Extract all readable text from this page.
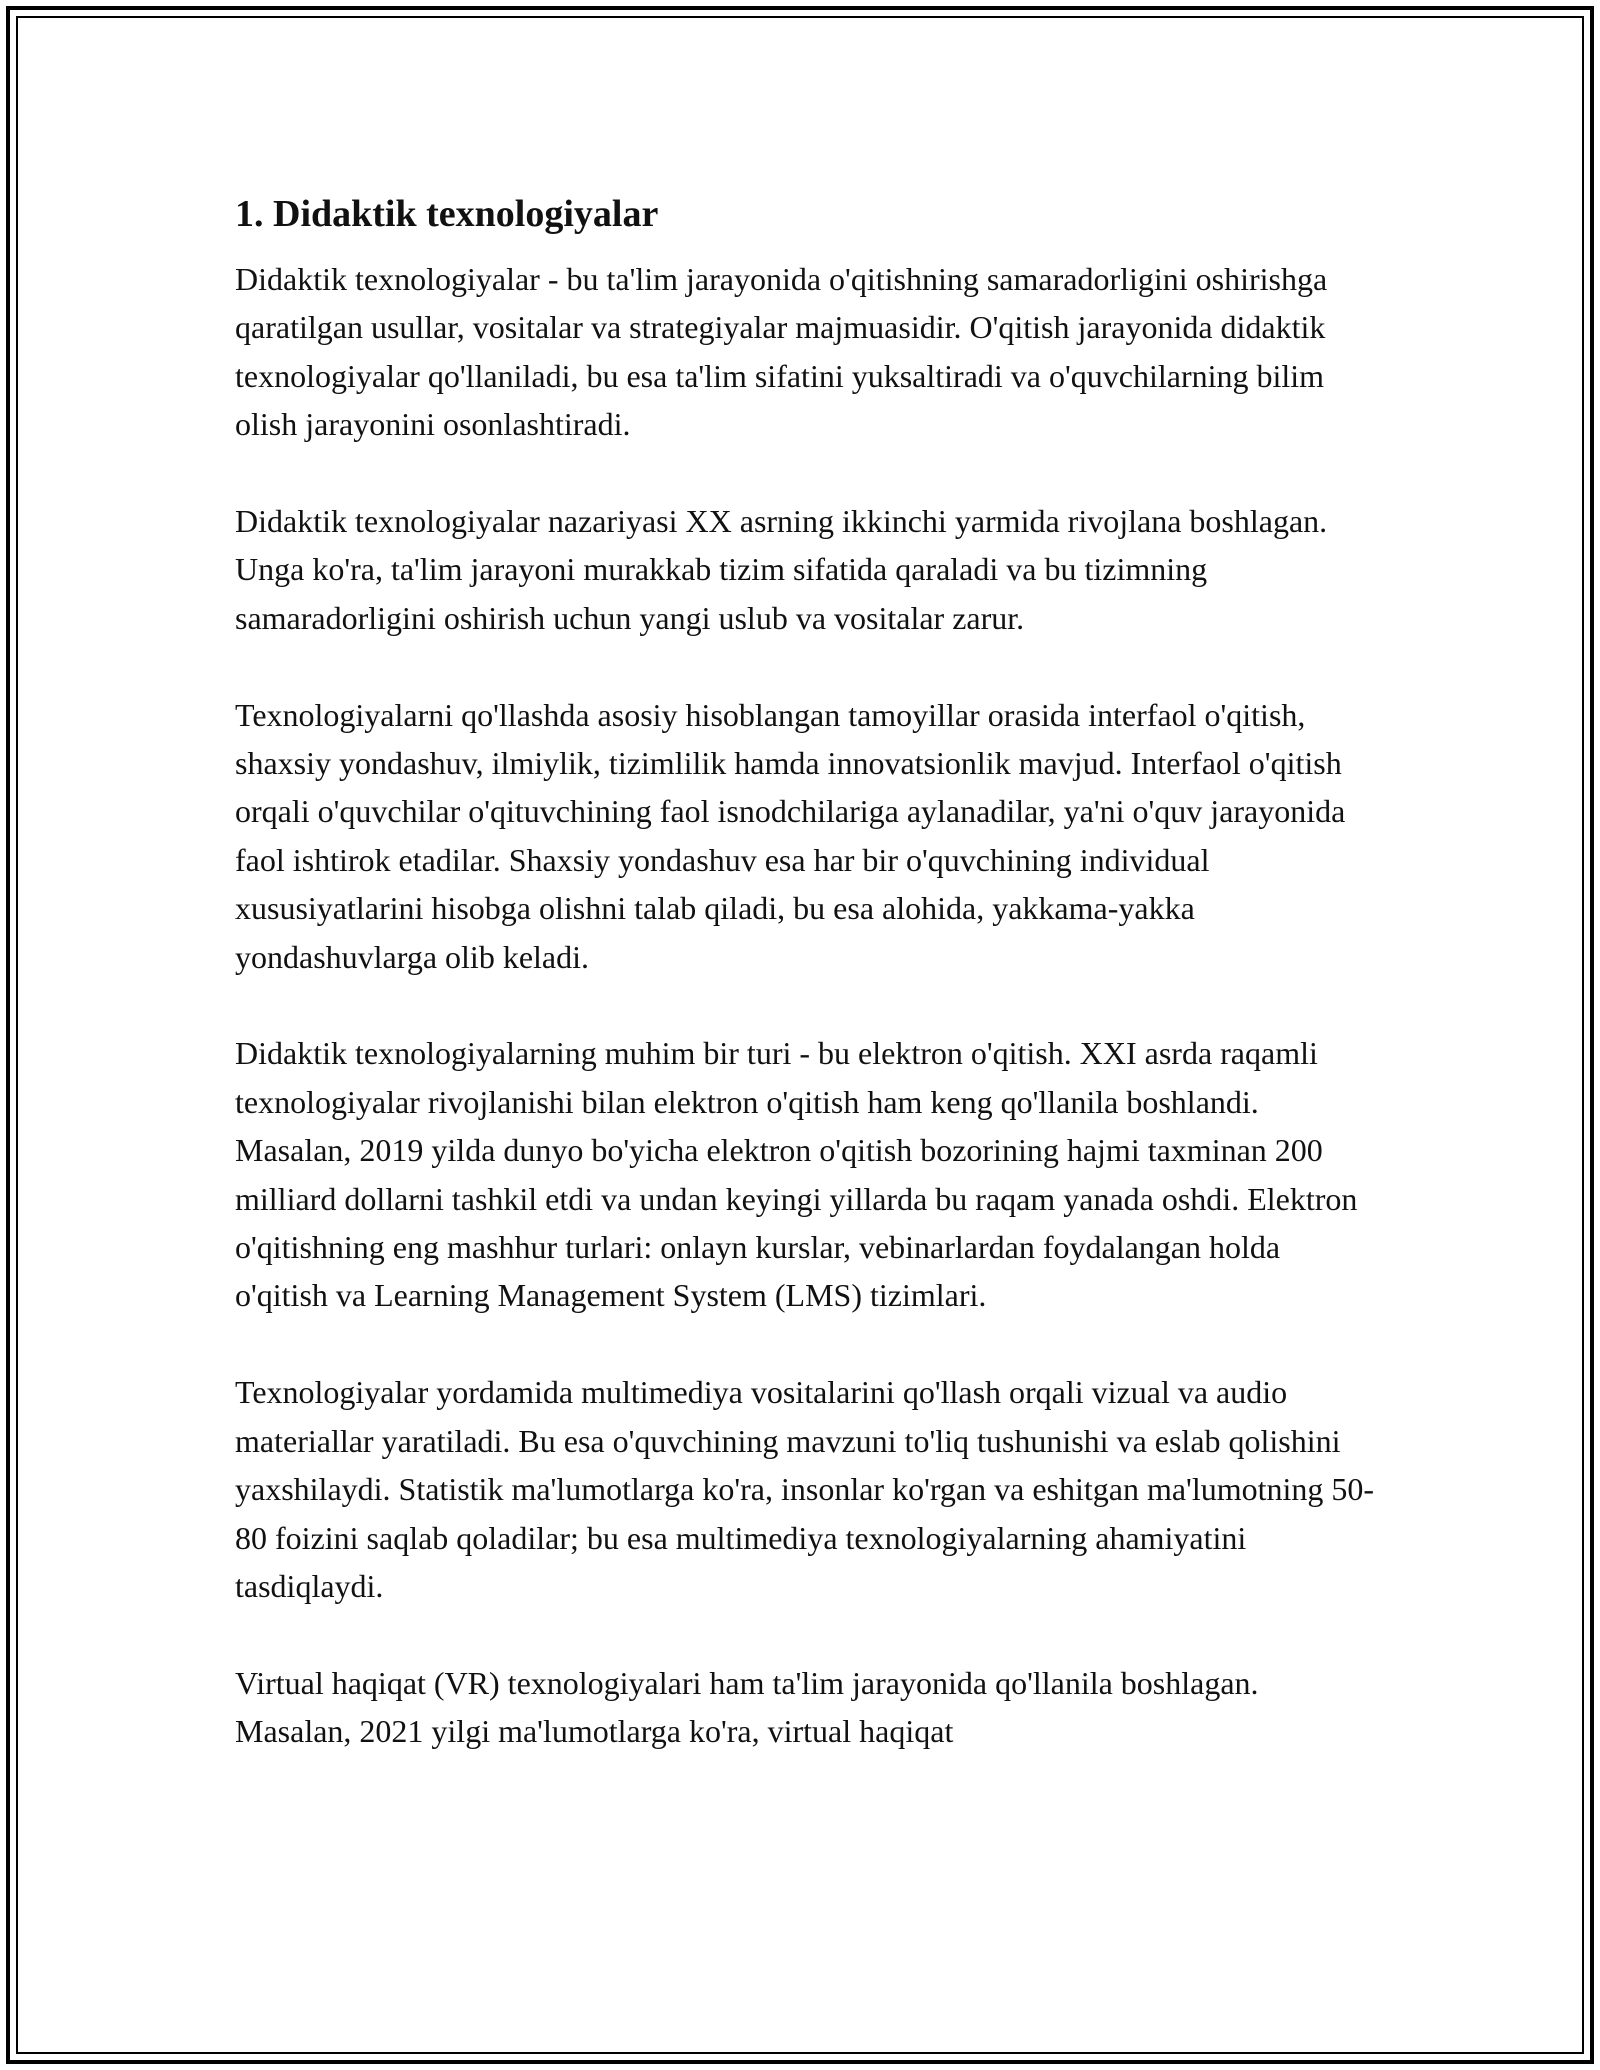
1. Didaktik texnologiyalar

Didaktik texnologiyalar - bu ta'lim jarayonida o'qitishning samaradorligini oshirishga qaratilgan usullar, vositalar va strategiyalar majmuasidir. O'qitish jarayonida didaktik texnologiyalar qo'llaniladi, bu esa ta'lim sifatini yuksaltiradi va o'quvchilarning bilim olish jarayonini osonlashtiradi.

Didaktik texnologiyalar nazariyasi XX asrning ikkinchi yarmida rivojlana boshlagan. Unga ko'ra, ta'lim jarayoni murakkab tizim sifatida qaraladi va bu tizimning samaradorligini oshirish uchun yangi uslub va vositalar zarur.

Texnologiyalarni qo'llashda asosiy hisoblangan tamoyillar orasida interfaol o'qitish, shaxsiy yondashuv, ilmiylik, tizimlilik hamda innovatsionlik mavjud. Interfaol o'qitish orqali o'quvchilar o'qituvchining faol isnodchilariga aylanadilar, ya'ni o'quv jarayonida faol ishtirok etadilar. Shaxsiy yondashuv esa har bir o'quvchining individual xususiyatlarini hisobga olishni talab qiladi, bu esa alohida, yakkama-yakka yondashuvlarga olib keladi.

Didaktik texnologiyalarning muhim bir turi - bu elektron o'qitish. XXI asrda raqamli texnologiyalar rivojlanishi bilan elektron o'qitish ham keng qo'llanila boshlandi. Masalan, 2019 yilda dunyo bo'yicha elektron o'qitish bozorining hajmi taxminan 200 milliard dollarni tashkil etdi va undan keyingi yillarda bu raqam yanada oshdi. Elektron o'qitishning eng mashhur turlari: onlayn kurslar, vebinarlardan foydalangan holda o'qitish va Learning Management System (LMS) tizimlari.

Texnologiyalar yordamida multimediya vositalarini qo'llash orqali vizual va audio materiallar yaratiladi. Bu esa o'quvchining mavzuni to'liq tushunishi va eslab qolishini yaxshilaydi. Statistik ma'lumotlarga ko'ra, insonlar ko'rgan va eshitgan ma'lumotning 50-80 foizini saqlab qoladilar; bu esa multimediya texnologiyalarning ahamiyatini tasdiqlaydi.

Virtual haqiqat (VR) texnologiyalari ham ta'lim jarayonida qo'llanila boshlagan. Masalan, 2021 yilgi ma'lumotlarga ko'ra, virtual haqiqat
